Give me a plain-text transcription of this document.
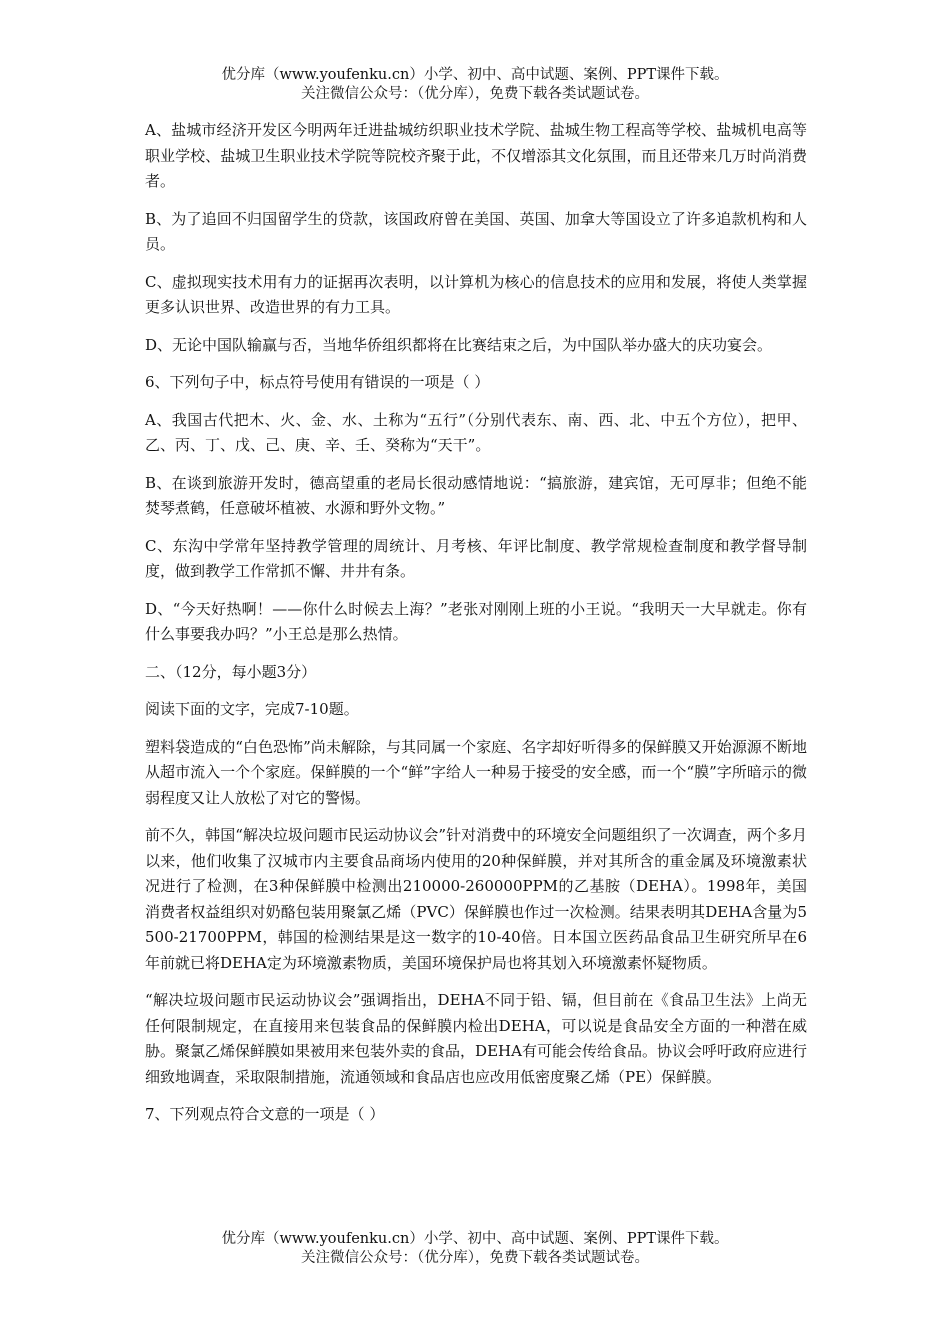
优分库（www.youfenku.cn）小学、初中、高中试题、案例、PPT课件下载。
关注微信公众号：（优分库），免费下载各类试题试卷。

A、盐城市经济开发区今明两年迁进盐城纺织职业技术学院、盐城生物工程高等学校、盐城机电高等职业学校、盐城卫生职业技术学院等院校齐聚于此，不仅增添其文化氛围，而且还带来几万时尚消费者。

B、为了追回不归国留学生的贷款，该国政府曾在美国、英国、加拿大等国设立了许多追款机构和人员。

C、虚拟现实技术用有力的证据再次表明，以计算机为核心的信息技术的应用和发展，将使人类掌握更多认识世界、改造世界的有力工具。

D、无论中国队输赢与否，当地华侨组织都将在比赛结束之后，为中国队举办盛大的庆功宴会。

6、下列句子中，标点符号使用有错误的一项是（ ）

A、我国古代把木、火、金、水、土称为“五行”（分别代表东、南、西、北、中五个方位），把甲、乙、丙、丁、戊、己、庚、辛、壬、癸称为“天干”。

B、在谈到旅游开发时，德高望重的老局长很动感情地说：“搞旅游，建宾馆，无可厚非；但绝不能焚琴煮鹤，任意破坏植被、水源和野外文物。”

C、东沟中学常年坚持教学管理的周统计、月考核、年评比制度、教学常规检查制度和教学督导制度，做到教学工作常抓不懈、井井有条。

D、“今天好热啊！——你什么时候去上海？”老张对刚刚上班的小王说。“我明天一大早就走。你有什么事要我办吗？”小王总是那么热情。

二、（12分，每小题3分）

阅读下面的文字，完成7-10题。

塑料袋造成的“白色恐怖”尚未解除，与其同属一个家庭、名字却好听得多的保鲜膜又开始源源不断地从超市流入一个个家庭。保鲜膜的一个“鲜”字给人一种易于接受的安全感，而一个“膜”字所暗示的微弱程度又让人放松了对它的警惕。

前不久，韩国“解决垃圾问题市民运动协议会”针对消费中的环境安全问题组织了一次调查，两个多月以来，他们收集了汉城市内主要食品商场内使用的20种保鲜膜，并对其所含的重金属及环境激素状况进行了检测，在3种保鲜膜中检测出210000-260000PPM的乙基胺（DEHA）。1998年，美国消费者权益组织对奶酪包装用聚氯乙烯（PVC）保鲜膜也作过一次检测。结果表明其DEHA含量为5500-21700PPM，韩国的检测结果是这一数字的10-40倍。日本国立医药品食品卫生研究所早在6年前就已将DEHA定为环境激素物质，美国环境保护局也将其划入环境激素怀疑物质。

“解决垃圾问题市民运动协议会”强调指出，DEHA不同于铅、镉，但目前在《食品卫生法》上尚无任何限制规定，在直接用来包装食品的保鲜膜内检出DEHA，可以说是食品安全方面的一种潜在威胁。聚氯乙烯保鲜膜如果被用来包装外卖的食品，DEHA有可能会传给食品。协议会呼吁政府应进行细致地调查，采取限制措施，流通领域和食品店也应改用低密度聚乙烯（PE）保鲜膜。

7、下列观点符合文意的一项是（ ）

优分库（www.youfenku.cn）小学、初中、高中试题、案例、PPT课件下载。
关注微信公众号：（优分库），免费下载各类试题试卷。
